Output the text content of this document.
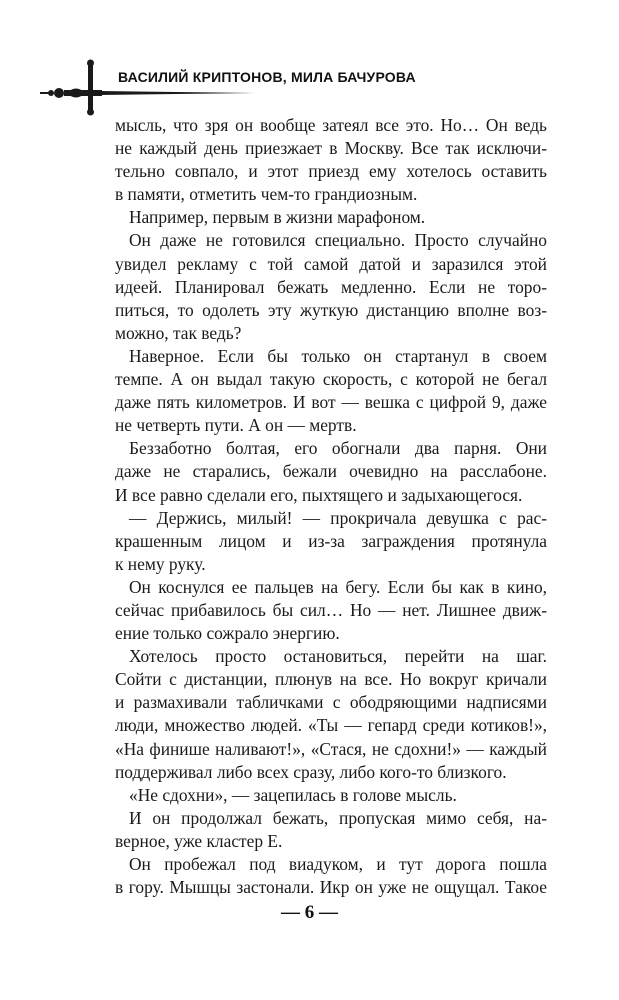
ВАСИЛИЙ КРИПТОНОВ, МИЛА БАЧУРОВА
мысль, что зря он вообще затеял все это. Но… Он ведь
не каждый день приезжает в Москву. Все так исключи-
тельно совпало, и этот приезд ему хотелось оставить
в памяти, отметить чем-то грандиозным.
Например, первым в жизни марафоном.
Он даже не готовился специально. Просто случайно
увидел рекламу с той самой датой и заразился этой
идеей. Планировал бежать медленно. Если не торо-
питься, то одолеть эту жуткую дистанцию вполне воз-
можно, так ведь?
Наверное. Если бы только он стартанул в своем
темпе. А он выдал такую скорость, с которой не бегал
даже пять километров. И вот — вешка с цифрой 9, даже
не четверть пути. А он — мертв.
Беззаботно болтая, его обогнали два парня. Они
даже не старались, бежали очевидно на расслабоне.
И все равно сделали его, пыхтящего и задыхающегося.
— Держись, милый! — прокричала девушка с рас-
крашенным лицом и из-за заграждения протянула
к нему руку.
Он коснулся ее пальцев на бегу. Если бы как в кино,
сейчас прибавилось бы сил… Но — нет. Лишнее движ-
ение только сожрало энергию.
Хотелось просто остановиться, перейти на шаг.
Сойти с дистанции, плюнув на все. Но вокруг кричали
и размахивали табличками с ободряющими надписями
люди, множество людей. «Ты — гепард среди котиков!»,
«На финише наливают!», «Стася, не сдохни!» — каждый
поддерживал либо всех сразу, либо кого-то близкого.
«Не сдохни», — зацепилась в голове мысль.
И он продолжал бежать, пропуская мимо себя, на-
верное, уже кластер Е.
Он пробежал под виадуком, и тут дорога пошла
в гору. Мышцы застонали. Икр он уже не ощущал. Такое
— 6 —
